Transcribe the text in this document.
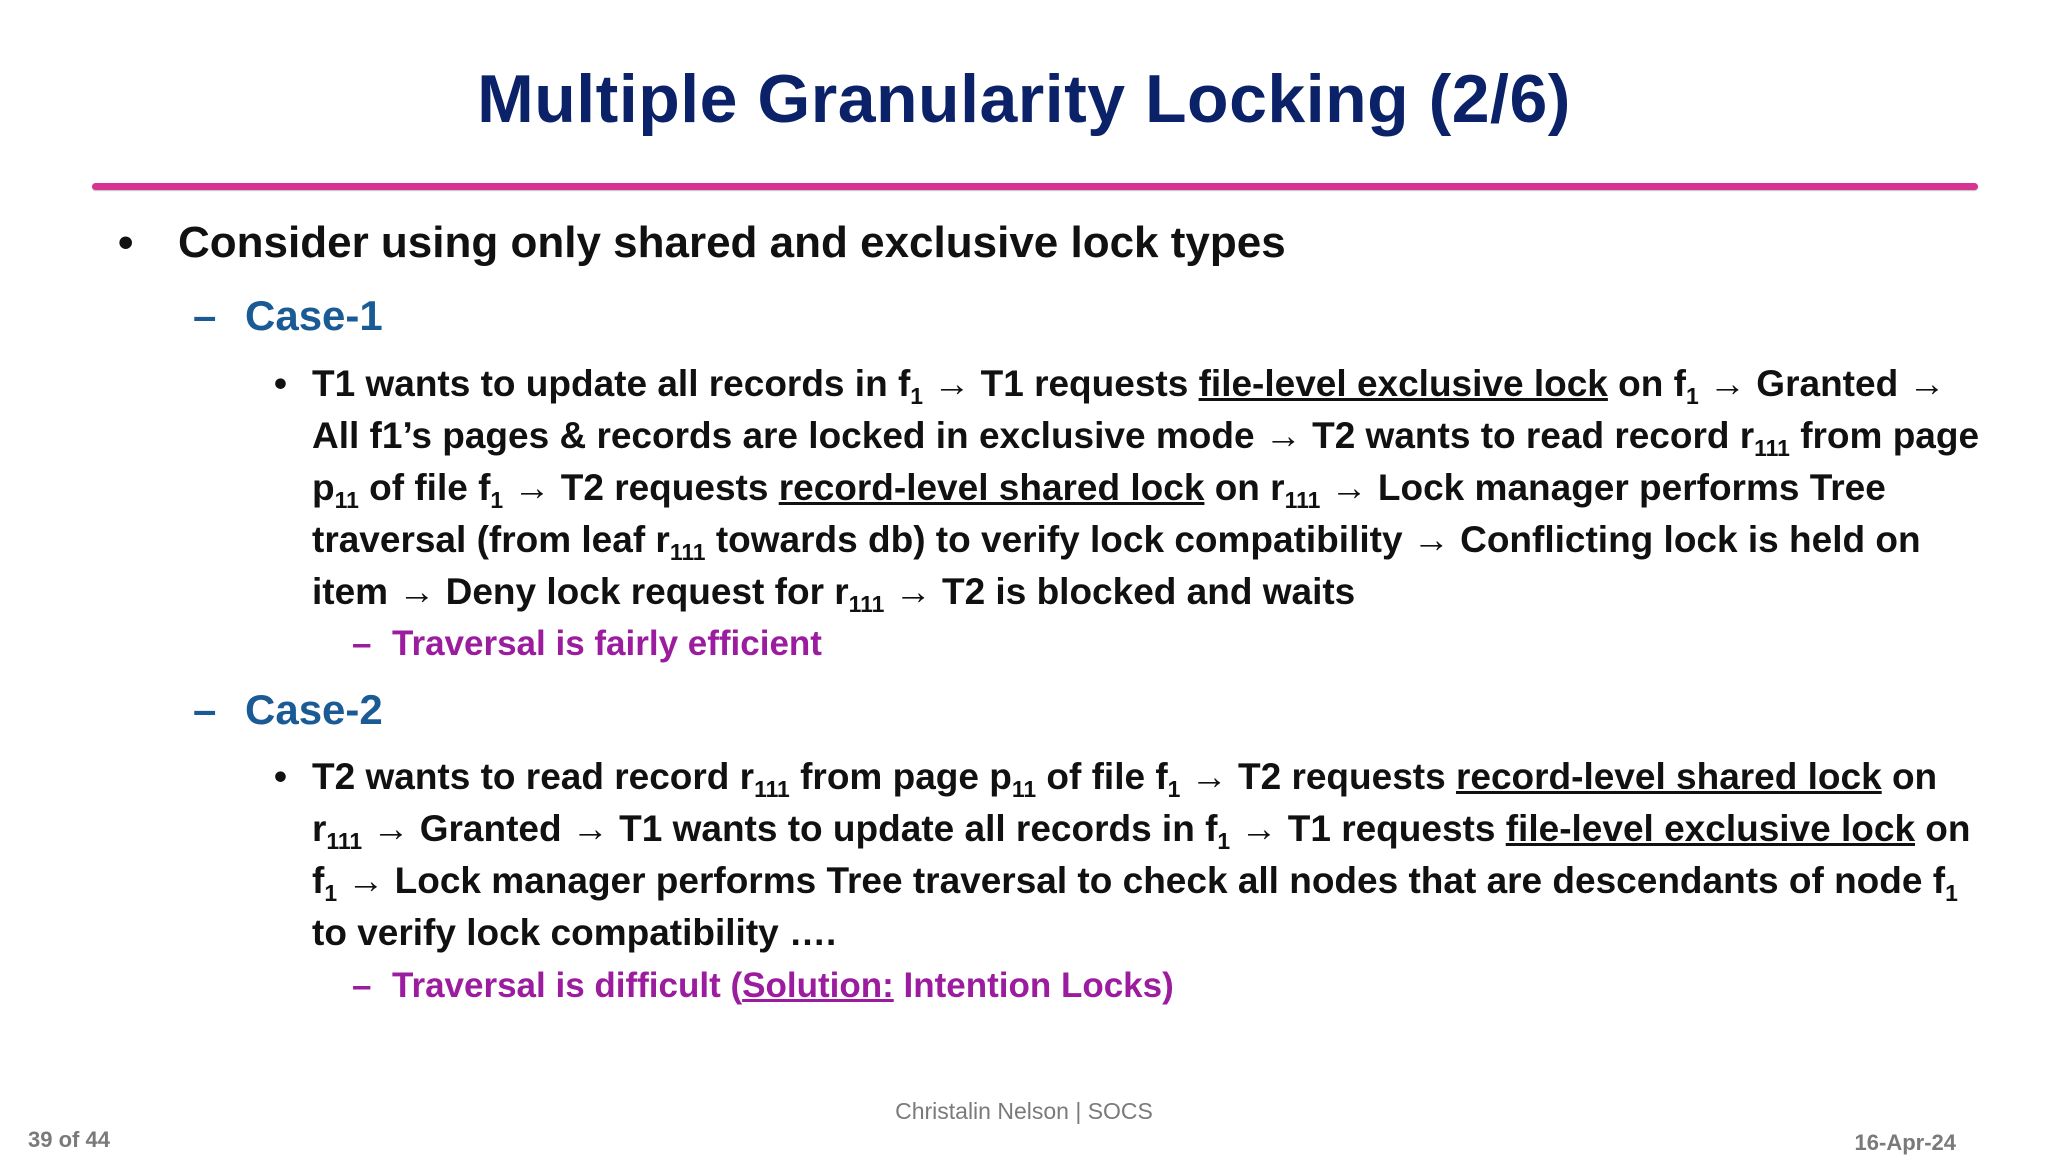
Multiple Granularity Locking (2/6)
• Consider using only shared and exclusive lock types
– Case-1
• T1 wants to update all records in $f_1 \to T1$ requests file-level exclusive lock on $f_1$ → Granted → All f1’s pages & records are locked in exclusive mode → T2 wants to read record $r_{111}$ from page $p_{11}$ of file $f_1 \to T2$ requests record-level shared lock on $r_{111}$ → Lock manager performs Tree traversal (from leaf $r_{111}$ towards db) to verify lock compatibility → Conflicting lock is held on item → Deny lock request for $r_{111} \to T2$ is blocked and waits

– Traversal is fairly efficient
– Case-2
• T2 wants to read record $r_{111}$ from page $p_{11}$ of file $f_1 \to T2$ requests record-level shared lock on $r_{111}$ → Granted → T1 wants to update all records in $f_1 \to T1$ requests file-level exclusive lock on $f_1$ → Lock manager performs Tree traversal to check all nodes that are descendants of node $f_1$ to verify lock compatibility ….

– Traversal is difficult (Solution: Intention Locks)
Christalin Nelson | SOCS
39 of 44	16-Apr-24
